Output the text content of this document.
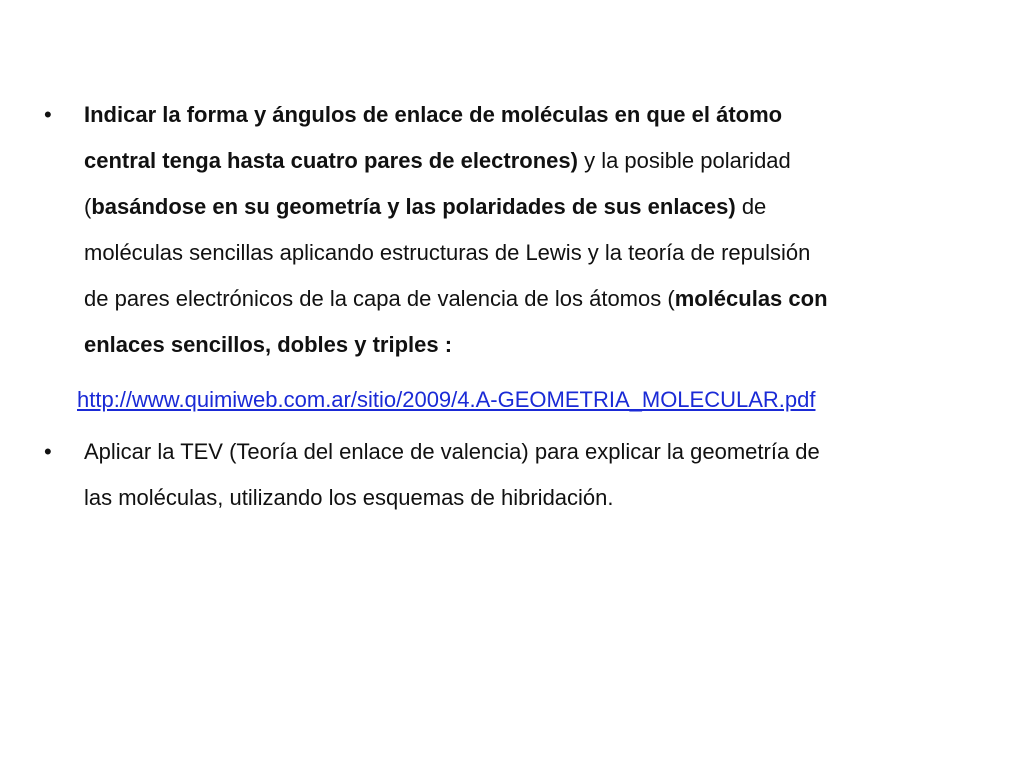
• Indicar la forma y ángulos de enlace de moléculas en que el átomo
central tenga hasta cuatro pares de electrones) y la posible polaridad
(basándose en su geometría y las polaridades de sus enlaces) de
moléculas sencillas aplicando estructuras de Lewis y la teoría de repulsión
de pares electrónicos de la capa de valencia de los átomos (moléculas con
enlaces sencillos, dobles y triples :
http://www.quimiweb.com.ar/sitio/2009/4.A-GEOMETRIA_MOLECULAR.pdf
• Aplicar la TEV (Teoría del enlace de valencia) para explicar la geometría de
las moléculas, utilizando los esquemas de hibridación.
